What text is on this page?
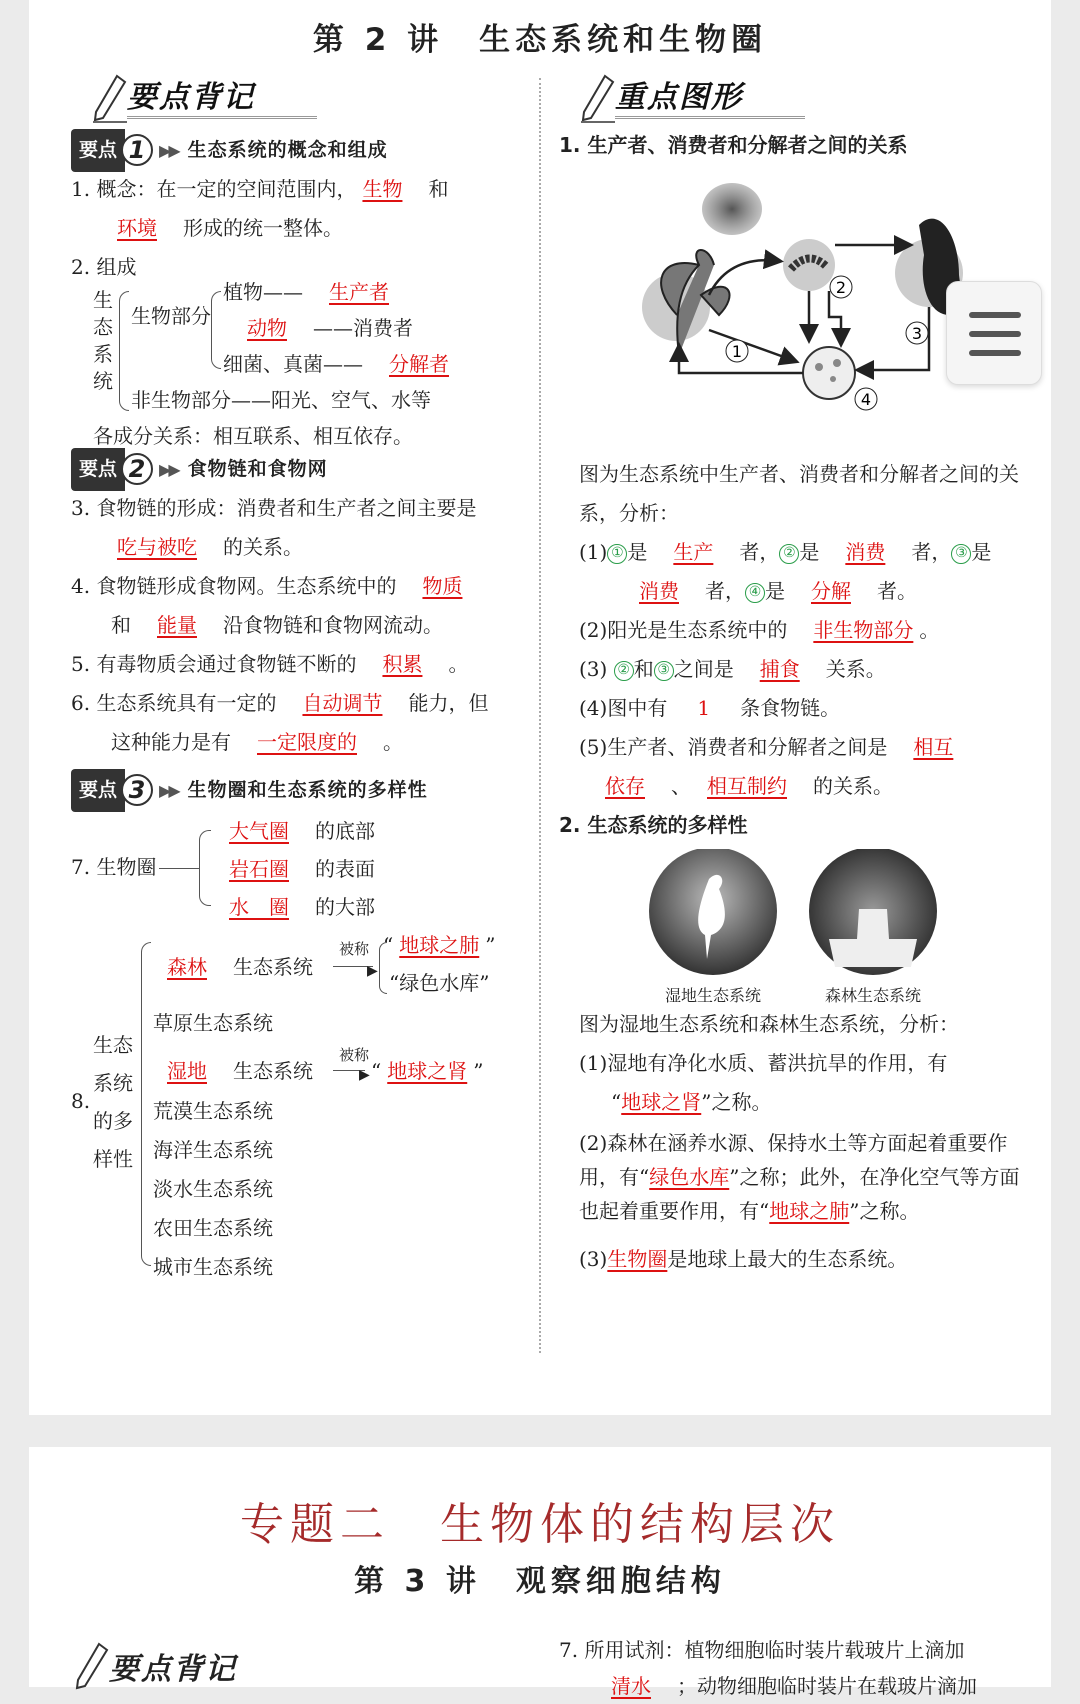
第 2 讲　生态系统和生物圈
要点背记
要点 1 ▶▶ 生态系统的概念和组成
1. 概念：在一定的空间范围内， 生物　 和
环境　 形成的统一整体。
2. 组成
生态系统
生物部分
植物——　 生产者
动物　 ——消费者
细菌、真菌——　 分解者
非生物部分——阳光、空气、水等
各成分关系：相互联系、相互依存。
要点 2 ▶▶ 食物链和食物网
3. 食物链的形成：消费者和生产者之间主要是
吃与被吃　 的关系。
4. 食物链形成食物网。生态系统中的　 物质
和　 能量　 沿食物链和食物网流动。
5. 有毒物质会通过食物链不断的　 积累　 。
6. 生态系统具有一定的　 自动调节　 能力，但
这种能力是有　 一定限度的　 。
要点 3 ▶▶ 生物圈和生态系统的多样性
7. 生物圈
大气圈　 的底部
岩石圈　 的表面
水　圈　 的大部
8.
生态系统的多样性
森林　 生态系统
被称
▶
“ 地球之肺 ”
“绿色水库”
草原生态系统
湿地　 生态系统
被称
▶ “ 地球之肾 ”
荒漠生态系统
海洋生态系统
淡水生态系统
农田生态系统
城市生态系统
重点图形
1. 生产者、消费者和分解者之间的关系
1
2
3
4
图为生态系统中生产者、消费者和分解者之间的关系，分析：
(1) ① 是　 生产　 者， ② 是　 消费　 者， ③ 是
消费　 者， ④ 是　 分解　 者。
(2)阳光是生态系统中的　 非生物部分 。
(3) ② 和 ③ 之间是　 捕食　 关系。
(4)图中有　 1　 条食物链。
(5)生产者、消费者和分解者之间是　 相互
依存　 、　 相互制约　 的关系。
2. 生态系统的多样性
湿地生态系统	森林生态系统
图为湿地生态系统和森林生态系统，分析：
(1)湿地有净化水质、蓄洪抗旱的作用，有
“地球之肾”之称。
(2)森林在涵养水源、保持水土等方面起着重要作用，有“绿色水库”之称；此外，在净化空气等方面也起着重要作用，有“地球之肺”之称。
(3)生物圈是地球上最大的生态系统。
专题二　生物体的结构层次
第 3 讲　观察细胞结构
要点背记
7. 所用试剂：植物细胞临时装片载玻片上滴加
清水　 ；动物细胞临时装片在载玻片滴加
